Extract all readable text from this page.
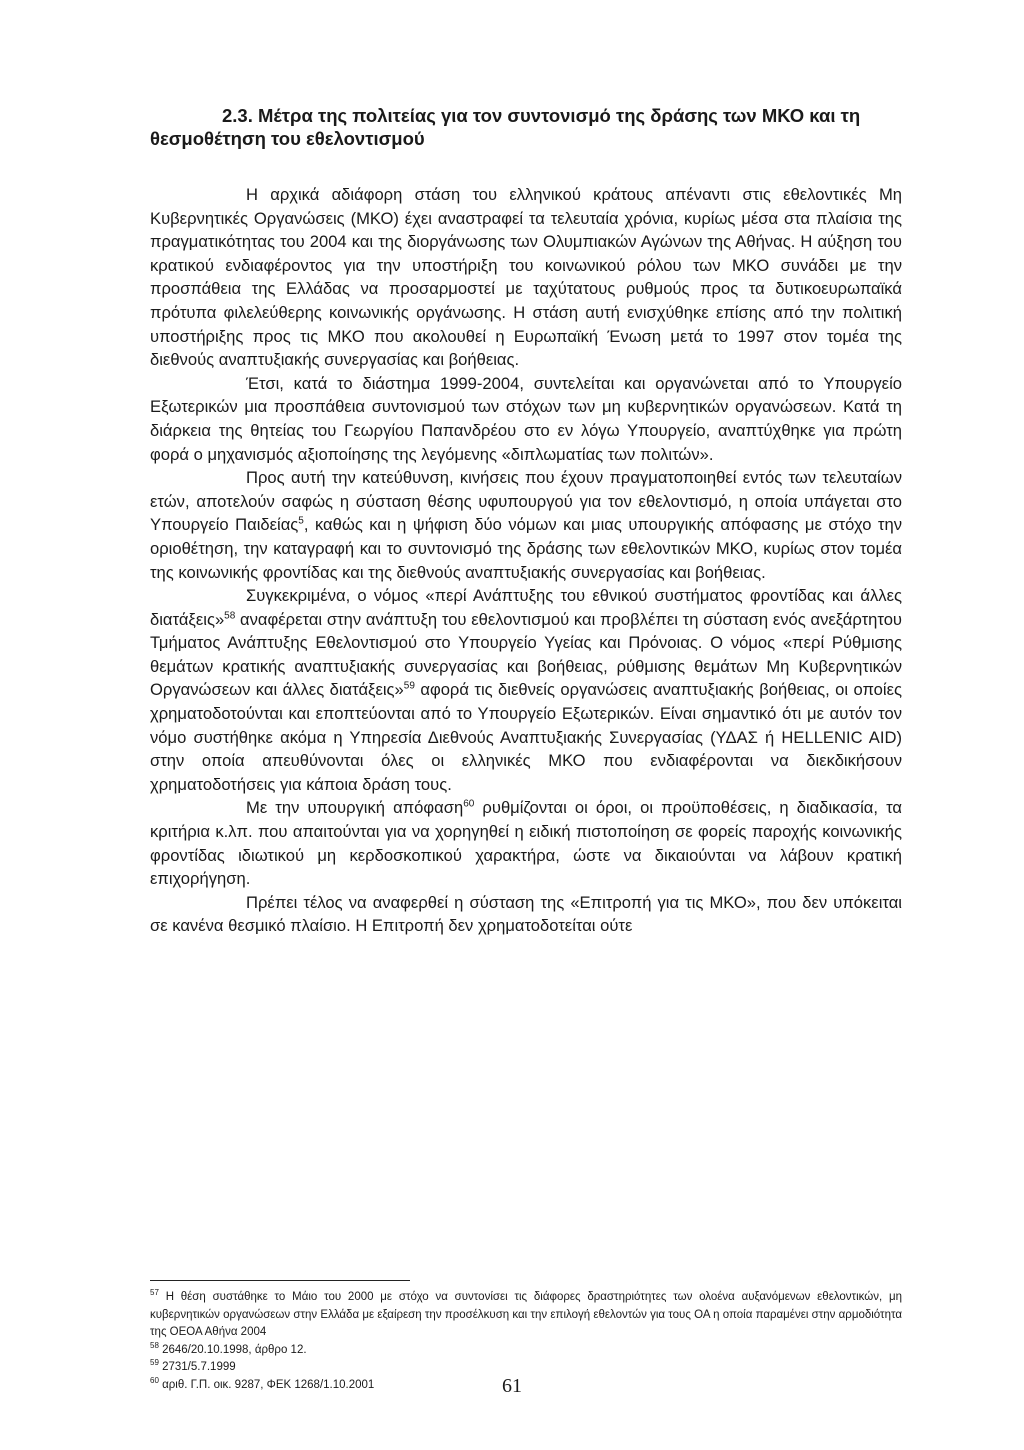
2.3. Μέτρα της πολιτείας για τον συντονισμό της δράσης των ΜΚΟ και τη θεσμοθέτηση του εθελοντισμού

Η αρχικά αδιάφορη στάση του ελληνικού κράτους απέναντι στις εθελοντικές Μη Κυβερνητικές Οργανώσεις (ΜΚΟ) έχει αναστραφεί τα τελευταία χρόνια, κυρίως μέσα στα πλαίσια της πραγματικότητας του 2004 και της διοργάνωσης των Ολυμπιακών Αγώνων της Αθήνας. Η αύξηση του κρατικού ενδιαφέροντος για την υποστήριξη του κοινωνικού ρόλου των ΜΚΟ συνάδει με την προσπάθεια της Ελλάδας να προσαρμοστεί με ταχύτατους ρυθμούς προς τα δυτικοευρωπαϊκά πρότυπα φιλελεύθερης κοινωνικής οργάνωσης. Η στάση αυτή ενισχύθηκε επίσης από την πολιτική υποστήριξης προς τις ΜΚΟ που ακολουθεί η Ευρωπαϊκή Ένωση μετά το 1997 στον τομέα της διεθνούς αναπτυξιακής συνεργασίας και βοήθειας.

Έτσι, κατά το διάστημα 1999-2004, συντελείται και οργανώνεται από το Υπουργείο Εξωτερικών μια προσπάθεια συντονισμού των στόχων των μη κυβερνητικών οργανώσεων. Κατά τη διάρκεια της θητείας του Γεωργίου Παπανδρέου στο εν λόγω Υπουργείο, αναπτύχθηκε για πρώτη φορά ο μηχανισμός αξιοποίησης της λεγόμενης «διπλωματίας των πολιτών».

Προς αυτή την κατεύθυνση, κινήσεις που έχουν πραγματοποιηθεί εντός των τελευταίων ετών, αποτελούν σαφώς η σύσταση θέσης υφυπουργού για τον εθελοντισμό, η οποία υπάγεται στο Υπουργείο Παιδείας$^5$, καθώς και η ψήφιση δύο νόμων και μιας υπουργικής απόφασης με στόχο την οριοθέτηση, την καταγραφή και το συντονισμό της δράσης των εθελοντικών ΜΚΟ, κυρίως στον τομέα της κοινωνικής φροντίδας και της διεθνούς αναπτυξιακής συνεργασίας και βοήθειας.

Συγκεκριμένα, ο νόμος «περί Ανάπτυξης του εθνικού συστήματος φροντίδας και άλλες διατάξεις»$^{58}$ αναφέρεται στην ανάπτυξη του εθελοντισμού και προβλέπει τη σύσταση ενός ανεξάρτητου Τμήματος Ανάπτυξης Εθελοντισμού στο Υπουργείο Υγείας και Πρόνοιας. Ο νόμος «περί Ρύθμισης θεμάτων κρατικής αναπτυξιακής συνεργασίας και βοήθειας, ρύθμισης θεμάτων Μη Κυβερνητικών Οργανώσεων και άλλες διατάξεις»$^{59}$ αφορά τις διεθνείς οργανώσεις αναπτυξιακής βοήθειας, οι οποίες χρηματοδοτούνται και εποπτεύονται από το Υπουργείο Εξωτερικών. Είναι σημαντικό ότι με αυτόν τον νόμο συστήθηκε ακόμα η Υπηρεσία Διεθνούς Αναπτυξιακής Συνεργασίας (ΥΔΑΣ ή HELLENIC AID) στην οποία απευθύνονται όλες οι ελληνικές ΜΚΟ που ενδιαφέρονται να διεκδικήσουν χρηματοδοτήσεις για κάποια δράση τους.

Με την υπουργική απόφαση$^{60}$ ρυθμίζονται οι όροι, οι προϋποθέσεις, η διαδικασία, τα κριτήρια κ.λπ. που απαιτούνται για να χορηγηθεί η ειδική πιστοποίηση σε φορείς παροχής κοινωνικής φροντίδας ιδιωτικού μη κερδοσκοπικού χαρακτήρα, ώστε να δικαιούνται να λάβουν κρατική επιχορήγηση.

Πρέπει τέλος να αναφερθεί η σύσταση της «Επιτροπή για τις ΜΚΟ», που δεν υπόκειται σε κανένα θεσμικό πλαίσιο. Η Επιτροπή δεν χρηματοδοτείται ούτε

$^{57}$ Η θέση συστάθηκε το Μάιο του 2000 με στόχο να συντονίσει τις διάφορες δραστηριότητες των ολοένα αυξανόμενων εθελοντικών, μη κυβερνητικών οργανώσεων στην Ελλάδα με εξαίρεση την προσέλκυση και την επιλογή εθελοντών για τους ΟΑ η οποία παραμένει στην αρμοδιότητα της ΟΕΟΑ Αθήνα 2004

$^{58}$ 2646/20.10.1998, άρθρο 12.

$^{59}$ 2731/5.7.1999

$^{60}$ αριθ. Γ.Π. οικ. 9287, ΦΕΚ 1268/1.10.2001	61
